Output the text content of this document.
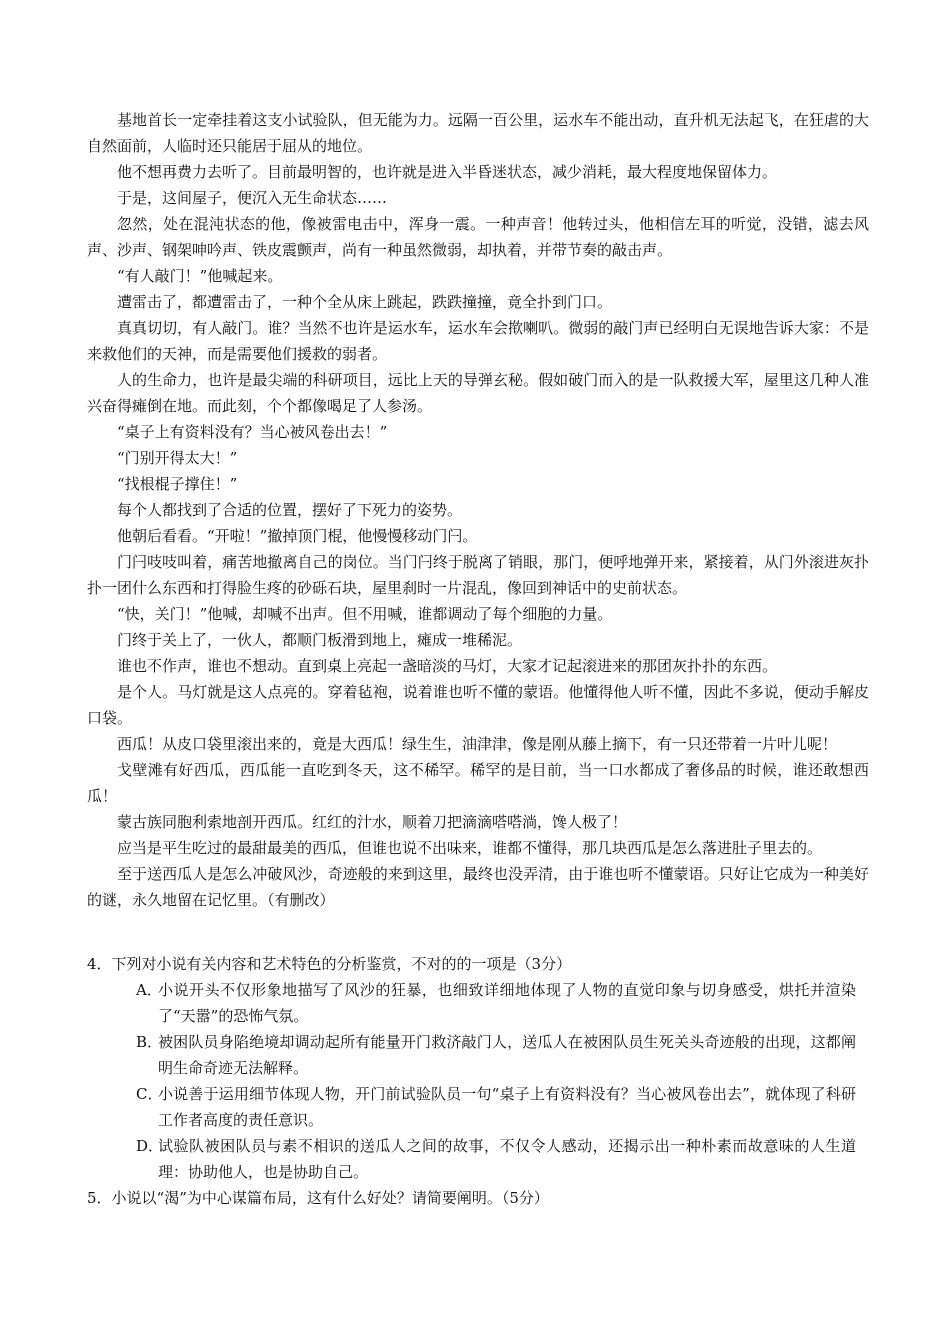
基地首长一定牵挂着这支小试验队，但无能为力。远隔一百公里，运水车不能出动，直升机无法起飞，在狂虐的大自然面前，人临时还只能居于屈从的地位。

他不想再费力去听了。目前最明智的，也许就是进入半昏迷状态，减少消耗，最大程度地保留体力。

于是，这间屋子，便沉入无生命状态……

忽然，处在混沌状态的他，像被雷电击中，浑身一震。一种声音！他转过头，他相信左耳的听觉，没错，滤去风声、沙声、钢架呻吟声、铁皮震颤声，尚有一种虽然微弱，却执着，并带节奏的敲击声。

“有人敲门！”他喊起来。

遭雷击了，都遭雷击了，一种个全从床上跳起，跌跌撞撞，竟全扑到门口。

真真切切，有人敲门。谁？当然不也许是运水车，运水车会揿喇叭。微弱的敲门声已经明白无误地告诉大家：不是来救他们的天神，而是需要他们援救的弱者。

人的生命力，也许是最尖端的科研项目，远比上天的导弹玄秘。假如破门而入的是一队救援大军，屋里这几种人准兴奋得瘫倒在地。而此刻，个个都像喝足了人参汤。

“桌子上有资料没有？当心被风卷出去！”

“门别开得太大！”

“找根棍子撑住！”

每个人都找到了合适的位置，摆好了下死力的姿势。

他朝后看看。“开啦！”撤掉顶门棍，他慢慢移动门闩。

门闩吱吱叫着，痛苦地撤离自己的岗位。当门闩终于脱离了销眼，那门，便呼地弹开来，紧接着，从门外滚进灰扑扑一团什么东西和打得脸生疼的砂砾石块，屋里刹时一片混乱，像回到神话中的史前状态。

“快，关门！”他喊，却喊不出声。但不用喊，谁都调动了每个细胞的力量。

门终于关上了，一伙人，都顺门板滑到地上，瘫成一堆稀泥。

谁也不作声，谁也不想动。直到桌上亮起一盏暗淡的马灯，大家才记起滚进来的那团灰扑扑的东西。

是个人。马灯就是这人点亮的。穿着毡袍，说着谁也听不懂的蒙语。他懂得他人听不懂，因此不多说，便动手解皮口袋。

西瓜！从皮口袋里滚出来的，竟是大西瓜！绿生生，油津津，像是刚从藤上摘下，有一只还带着一片叶儿呢！

戈壁滩有好西瓜，西瓜能一直吃到冬天，这不稀罕。稀罕的是目前，当一口水都成了奢侈品的时候，谁还敢想西瓜！

蒙古族同胞利索地剖开西瓜。红红的汁水，顺着刀把滴滴嗒嗒淌，馋人极了！

应当是平生吃过的最甜最美的西瓜，但谁也说不出味来，谁都不懂得，那几块西瓜是怎么落进肚子里去的。

至于送西瓜人是怎么冲破风沙，奇迹般的来到这里，最终也没弄清，由于谁也听不懂蒙语。只好让它成为一种美好的谜，永久地留在记忆里。（有删改）

4．下列对小说有关内容和艺术特色的分析鉴赏，不对的的一项是（3分）

A．
小说开头不仅形象地描写了风沙的狂暴，也细致详细地体现了人物的直觉印象与切身感受，烘托并渲染了“天嚣”的恐怖气氛。
B．
被困队员身陷绝境却调动起所有能量开门救济敲门人，送瓜人在被困队员生死关头奇迹般的出现，这都阐明生命奇迹无法解释。
C．
小说善于运用细节体现人物，开门前试验队员一句“桌子上有资料没有？当心被风卷出去”，就体现了科研工作者高度的责任意识。
D．
试验队被困队员与素不相识的送瓜人之间的故事，不仅令人感动，还揭示出一种朴素而故意味的人生道理：协助他人，也是协助自己。

5．小说以“渴”为中心谋篇布局，这有什么好处？请简要阐明。（5分）
